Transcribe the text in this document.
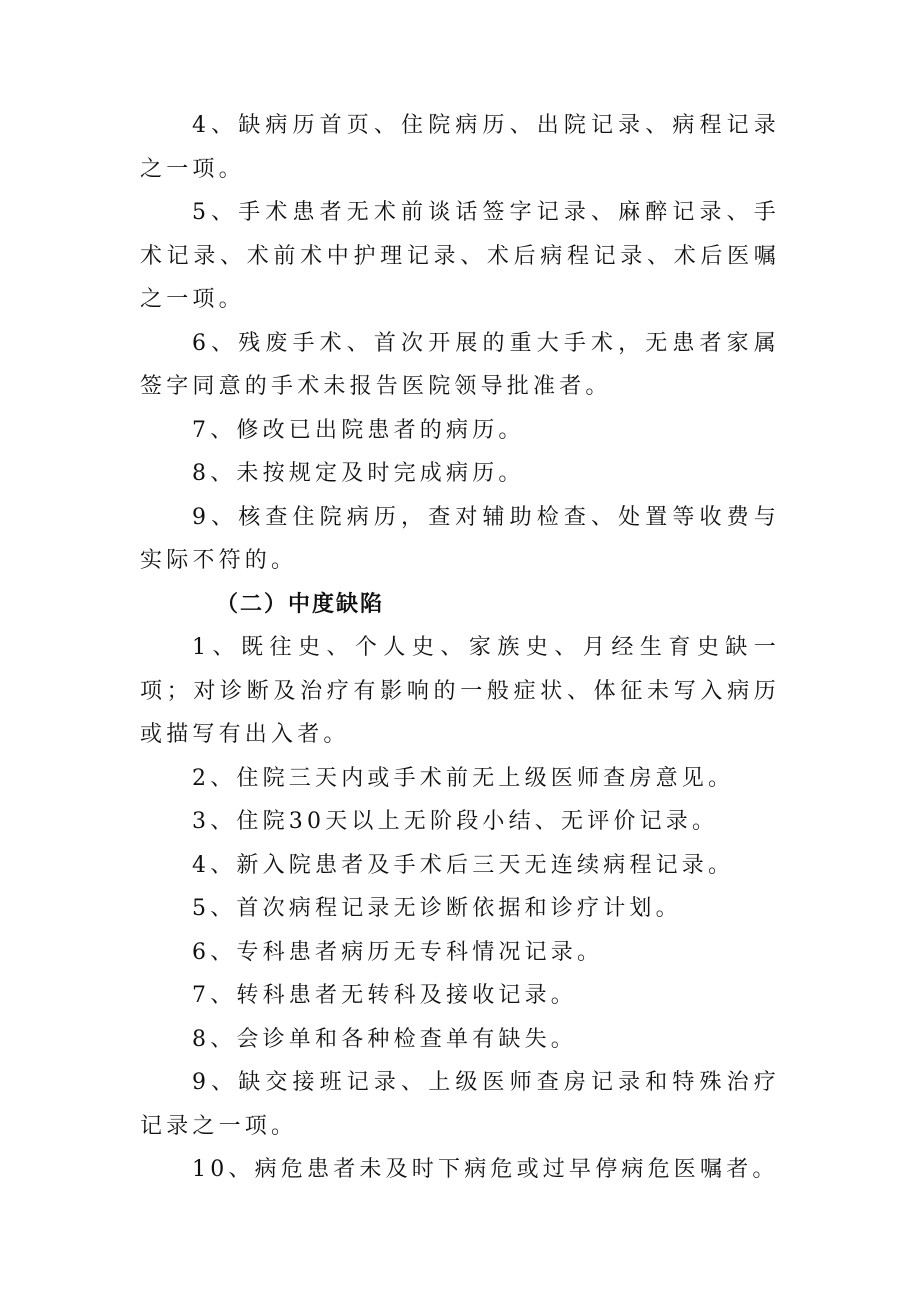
4、缺病历首页、住院病历、出院记录、病程记录之一项。

5、手术患者无术前谈话签字记录、麻醉记录、手术记录、术前术中护理记录、术后病程记录、术后医嘱之一项。

6、残废手术、首次开展的重大手术，无患者家属签字同意的手术未报告医院领导批准者。

7、修改已出院患者的病历。

8、未按规定及时完成病历。

9、核查住院病历，查对辅助检查、处置等收费与实际不符的。

（二）中度缺陷

1、既往史、个人史、家族史、月经生育史缺一项；对诊断及治疗有影响的一般症状、体征未写入病历或描写有出入者。

2、住院三天内或手术前无上级医师查房意见。

3、住院30天以上无阶段小结、无评价记录。

4、新入院患者及手术后三天无连续病程记录。

5、首次病程记录无诊断依据和诊疗计划。

6、专科患者病历无专科情况记录。

7、转科患者无转科及接收记录。

8、会诊单和各种检查单有缺失。

9、缺交接班记录、上级医师查房记录和特殊治疗记录之一项。

10、病危患者未及时下病危或过早停病危医嘱者。
